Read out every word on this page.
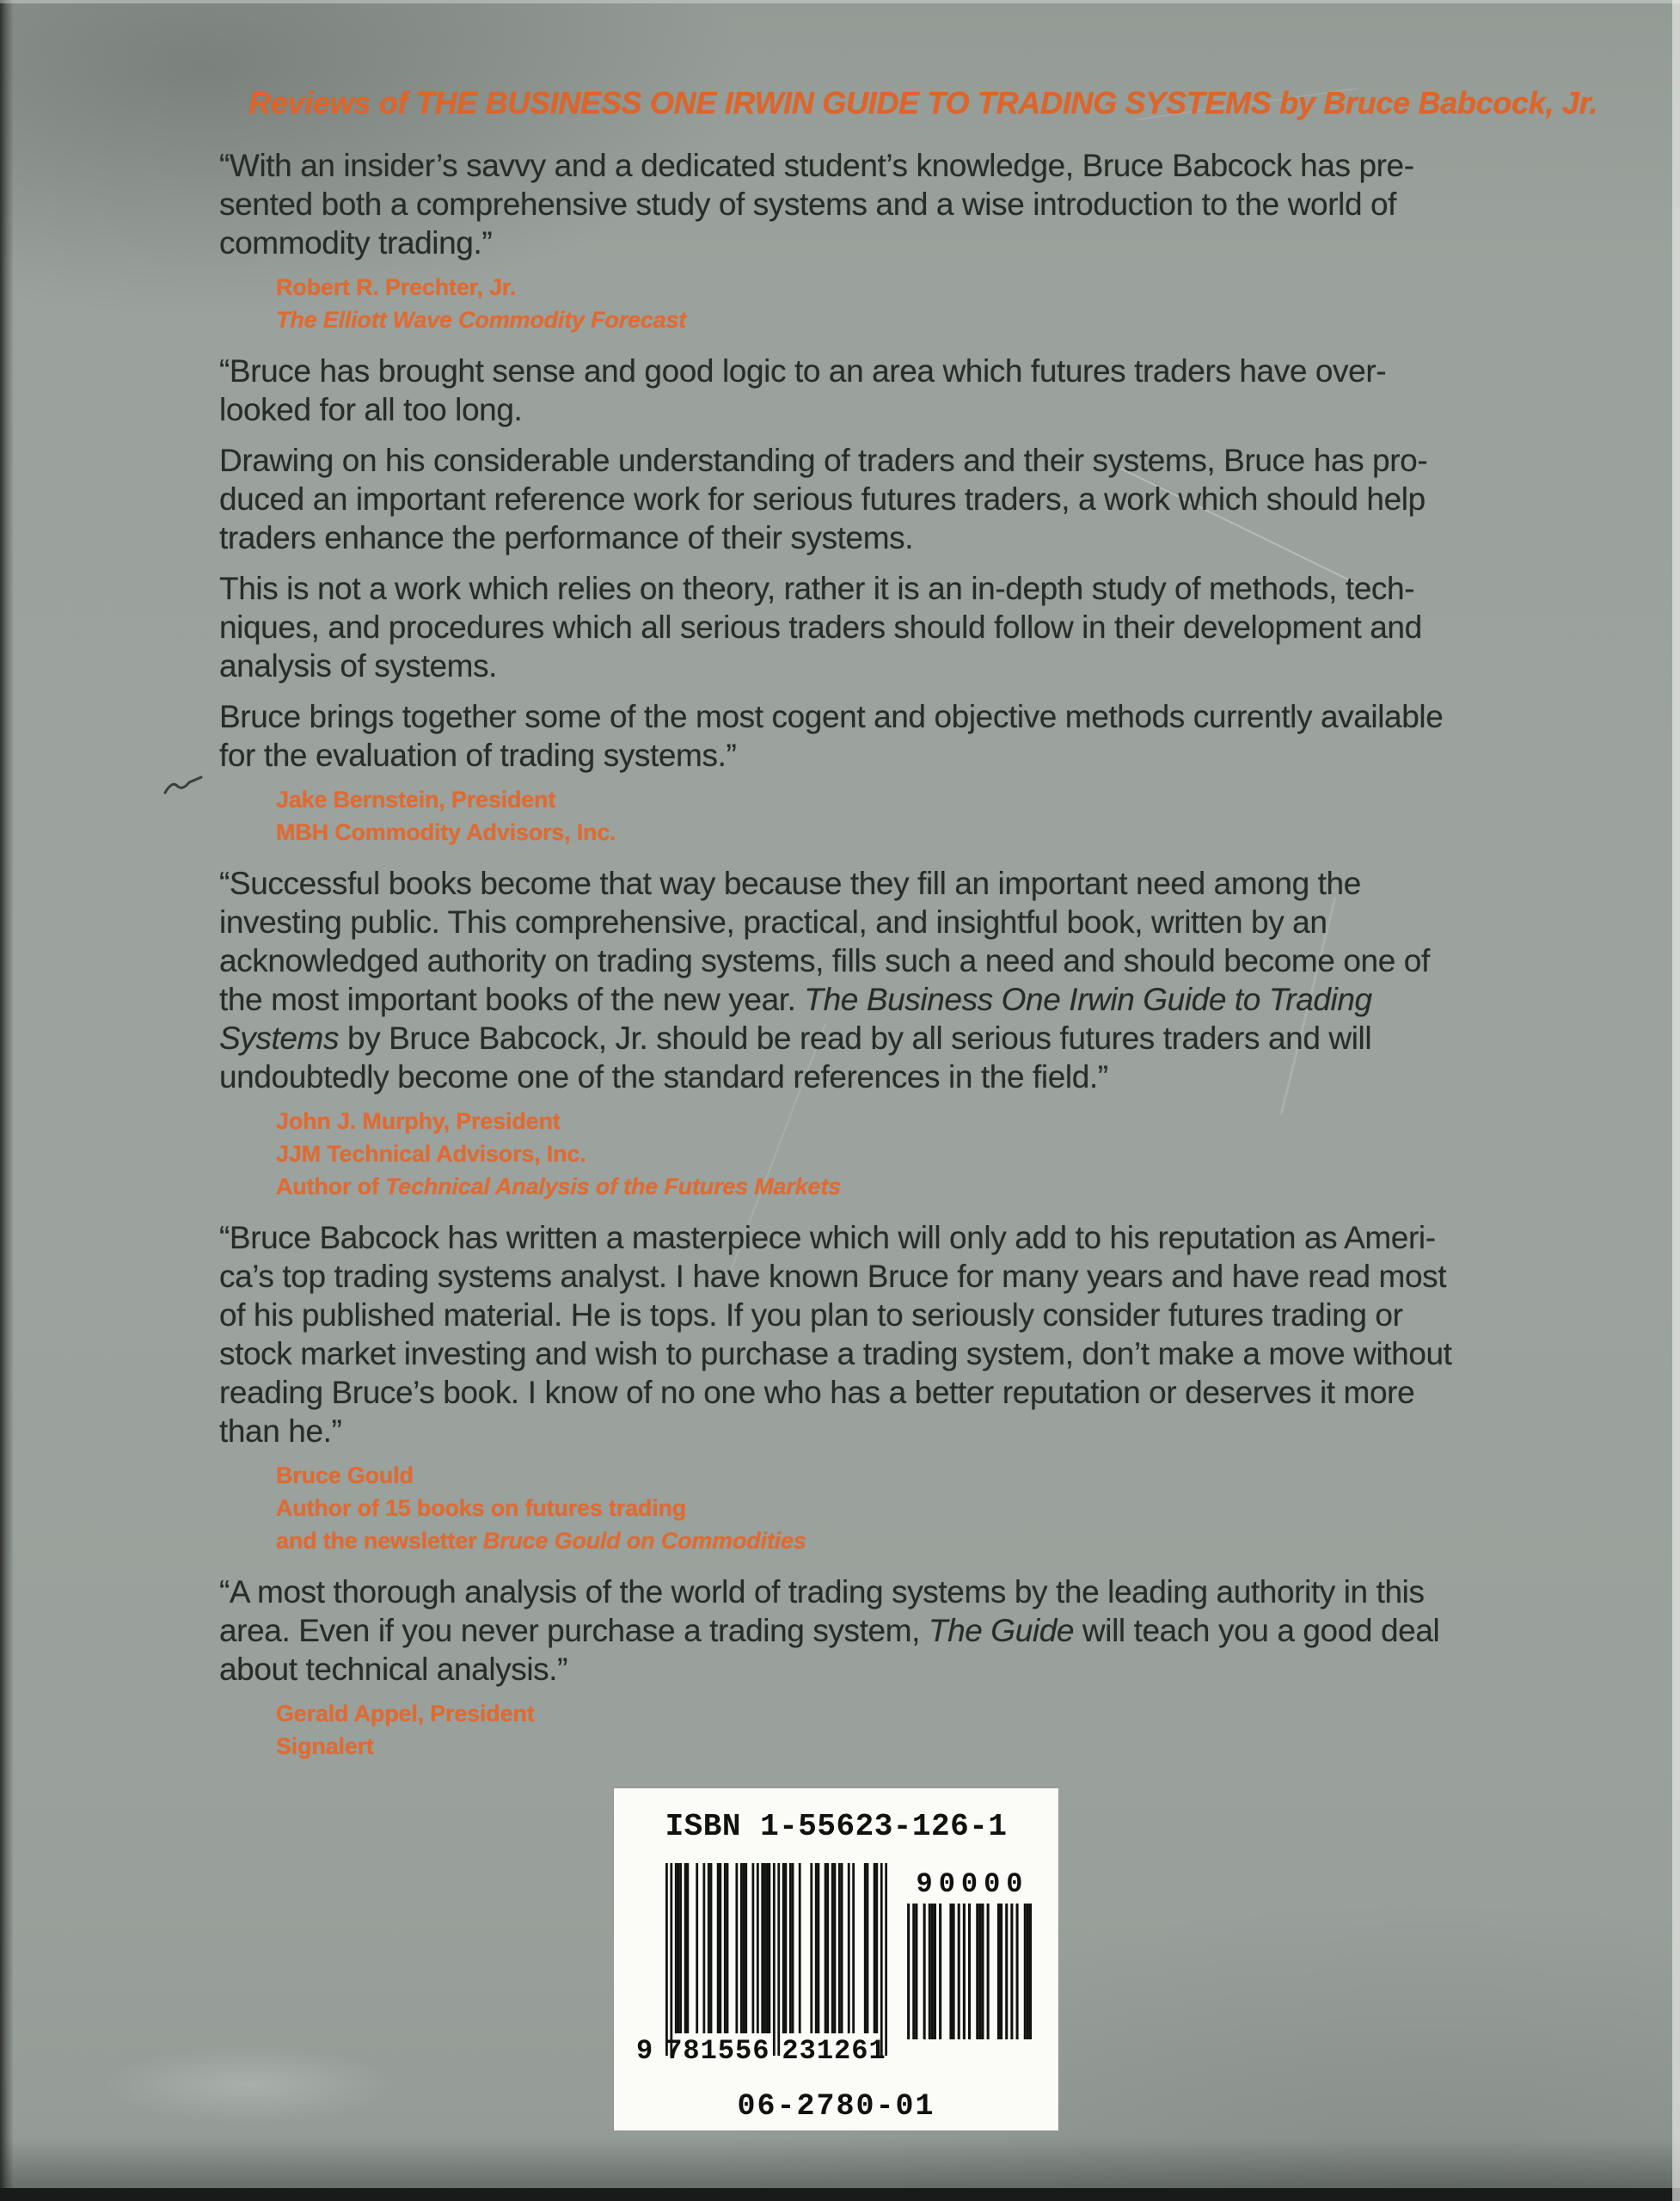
Reviews of THE BUSINESS ONE IRWIN GUIDE TO TRADING SYSTEMS by Bruce Babcock, Jr.
“With an insider’s savvy and a dedicated student’s knowledge, Bruce Babcock has pre-
sented both a comprehensive study of systems and a wise introduction to the world of
commodity trading.”
Robert R. Prechter, Jr.
The Elliott Wave Commodity Forecast
“Bruce has brought sense and good logic to an area which futures traders have over-
looked for all too long.
Drawing on his considerable understanding of traders and their systems, Bruce has pro-
duced an important reference work for serious futures traders, a work which should help
traders enhance the performance of their systems.
This is not a work which relies on theory, rather it is an in-depth study of methods, tech-
niques, and procedures which all serious traders should follow in their development and
analysis of systems.
Bruce brings together some of the most cogent and objective methods currently available
for the evaluation of trading systems.”
Jake Bernstein, President
MBH Commodity Advisors, Inc.
“Successful books become that way because they fill an important need among the
investing public. This comprehensive, practical, and insightful book, written by an
acknowledged authority on trading systems, fills such a need and should become one of
the most important books of the new year. The Business One Irwin Guide to Trading
Systems by Bruce Babcock, Jr. should be read by all serious futures traders and will
undoubtedly become one of the standard references in the field.”
John J. Murphy, President
JJM Technical Advisors, Inc.
Author of Technical Analysis of the Futures Markets
“Bruce Babcock has written a masterpiece which will only add to his reputation as Ameri-
ca’s top trading systems analyst. I have known Bruce for many years and have read most
of his published material. He is tops. If you plan to seriously consider futures trading or
stock market investing and wish to purchase a trading system, don’t make a move without
reading Bruce’s book. I know of no one who has a better reputation or deserves it more
than he.”
Bruce Gould
Author of 15 books on futures trading
and the newsletter Bruce Gould on Commodities
“A most thorough analysis of the world of trading systems by the leading authority in this
area. Even if you never purchase a trading system, The Guide will teach you a good deal
about technical analysis.”
Gerald Appel, President
Signalert
ISBN 1-55623-126-1
9 781556 231261
90000
06-2780-01
